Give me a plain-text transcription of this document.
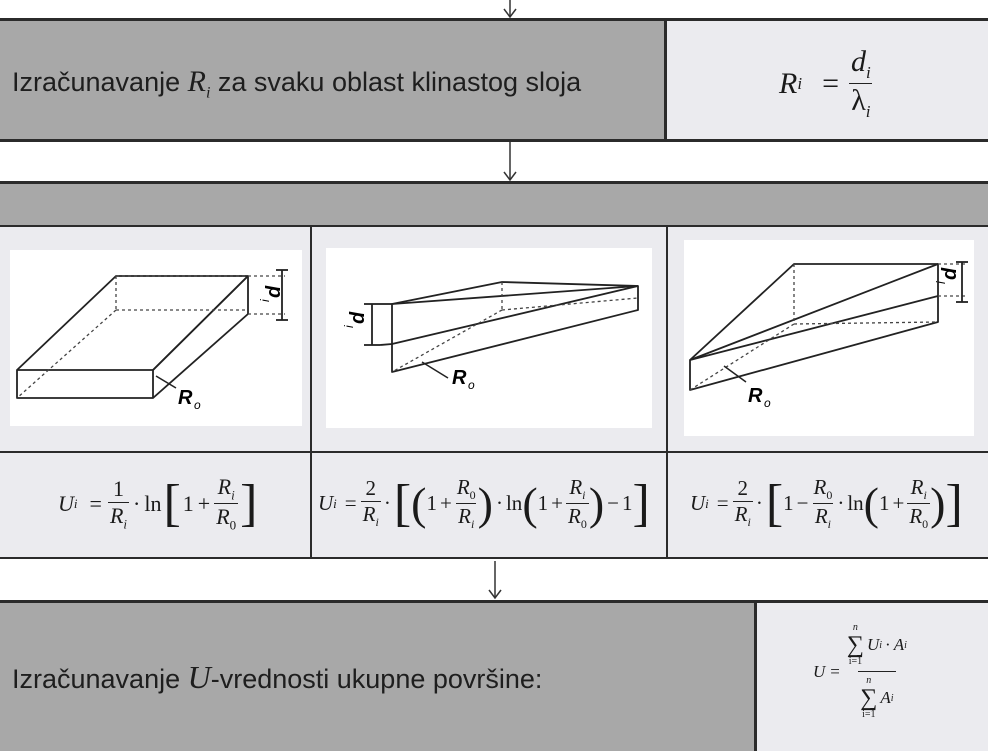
Izračunavanje $R_i$ za svaku oblast klinastog sloja	R $i = \frac{d_i}{\lambda_i}$
R o
d
i
R o
d
i
R o
d
i
U $i = \frac{1}{R_i} \cdot \ln$ [ $1 + \frac{R_i}{R_0}$ ]	U $i = \frac{2}{R_i}$ · [ ( $1 + \frac{R_0}{R_i}$ ) · ln ( $1 + \frac{R_i}{R_0}$ ) − 1 ] U $i = \frac{2}{R_i}$ · [ $1 - \frac{R_0}{R_i} \cdot \ln$ ( $1 + \frac{R_i}{R_0}$ ) ]
Izračunavanje U-vrednosti ukupne površine:	U =
n
∑
i=1
U i · A i
n
∑
i=1
A i
